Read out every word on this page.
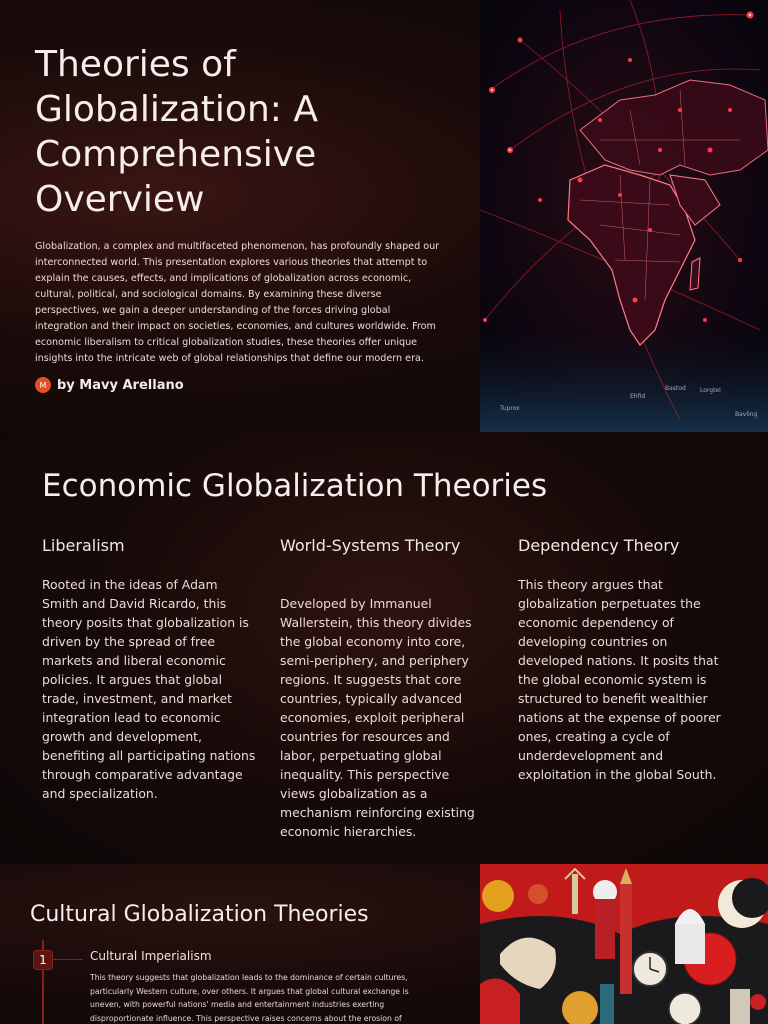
Theories of Globalization: A Comprehensive Overview

Globalization, a complex and multifaceted phenomenon, has profoundly shaped our interconnected world. This presentation explores various theories that attempt to explain the causes, effects, and implications of globalization across economic, cultural, political, and sociological domains. By examining these diverse perspectives, we gain a deeper understanding of the forces driving global integration and their impact on societies, economies, and cultures worldwide. From economic liberalism to critical globalization studies, these theories offer unique insights into the intricate web of global relationships that define our modern era.

M by Mavy Arellano
Ehfid
Bastod Lorgtel
Bavling
Tuprox
Economic Globalization Theories
Liberalism

Rooted in the ideas of Adam Smith and David Ricardo, this theory posits that globalization is driven by the spread of free markets and liberal economic policies. It argues that global trade, investment, and market integration lead to economic growth and development, benefiting all participating nations through comparative advantage and specialization.

World-Systems Theory

Developed by Immanuel Wallerstein, this theory divides the global economy into core, semi-periphery, and periphery regions. It suggests that core countries, typically advanced economies, exploit peripheral countries for resources and labor, perpetuating global inequality. This perspective views globalization as a mechanism reinforcing existing economic hierarchies.

Dependency Theory

This theory argues that globalization perpetuates the economic dependency of developing countries on developed nations. It posits that the global economic system is structured to benefit wealthier nations at the expense of poorer ones, creating a cycle of underdevelopment and exploitation in the global South.

Cultural Globalization Theories
1	Cultural Imperialism
This theory suggests that globalization leads to the dominance of certain cultures, particularly Western culture, over others. It argues that global cultural exchange is uneven, with powerful nations' media and entertainment industries exerting disproportionate influence. This perspective raises concerns about the erosion of
